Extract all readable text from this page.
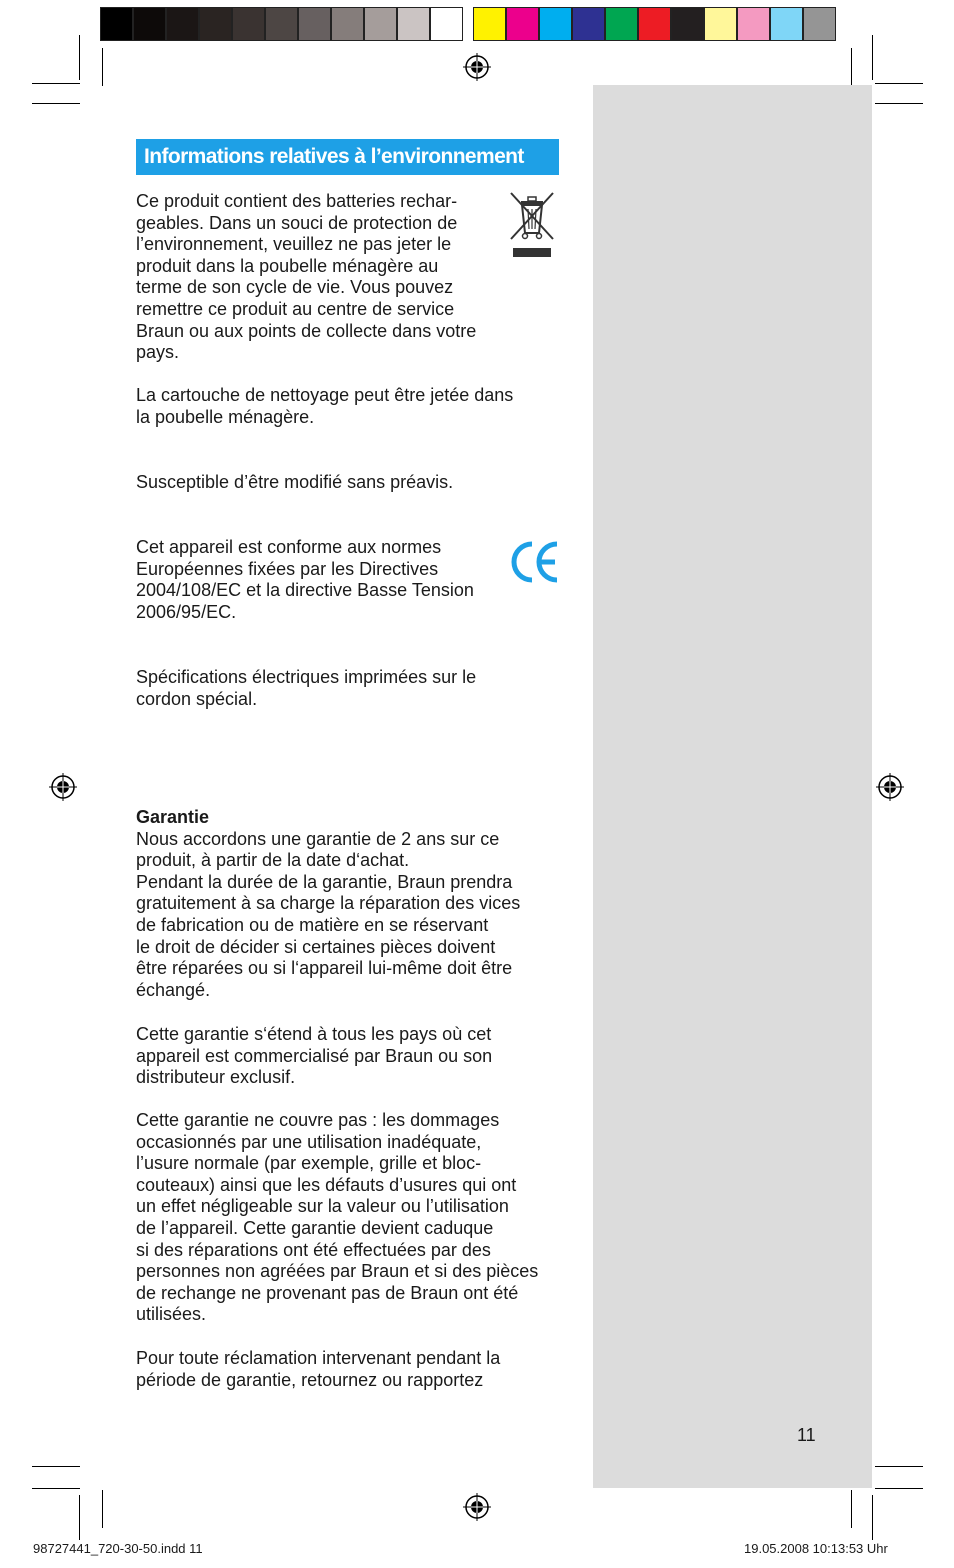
Informations relatives à l’environnement

Ce produit contient des batteries rechar-
geables. Dans un souci de protection de
l’environnement, veuillez ne pas jeter le
produit dans la poubelle ménagère au
terme de son cycle de vie. Vous pouvez
remettre ce produit au centre de service
Braun ou aux points de collecte dans votre
pays.

La cartouche de nettoyage peut être jetée dans
la poubelle ménagère.

Susceptible d’être modifié sans préavis.

Cet appareil est conforme aux normes
Européennes fixées par les Directives
2004/108/EC et la directive Basse Tension
2006/95/EC.

Spécifications électriques imprimées sur le
cordon spécial.

Garantie
Nous accordons une garantie de 2 ans sur ce
produit, à partir de la date d‘achat.
Pendant la durée de la garantie, Braun prendra
gratuitement à sa charge la réparation des vices
de fabrication ou de matière en se réservant
le droit de décider si certaines pièces doivent
être réparées ou si l‘appareil lui-même doit être
échangé.

Cette garantie s‘étend à tous les pays où cet
appareil est commercialisé par Braun ou son
distributeur exclusif.

Cette garantie ne couvre pas : les dommages
occasionnés par une utilisation inadéquate,
l’usure normale (par exemple, grille et bloc-
couteaux) ainsi que les défauts d’usures qui ont
un effet négligeable sur la valeur ou l’utilisation
de l’appareil. Cette garantie devient caduque
si des réparations ont été effectuées par des
personnes non agréées par Braun et si des pièces
de rechange ne provenant pas de Braun ont été
utilisées.

Pour toute réclamation intervenant pendant la
période de garantie, retournez ou rapportez

11
98727441_720-30-50.indd 11	19.05.2008 10:13:53 Uhr
